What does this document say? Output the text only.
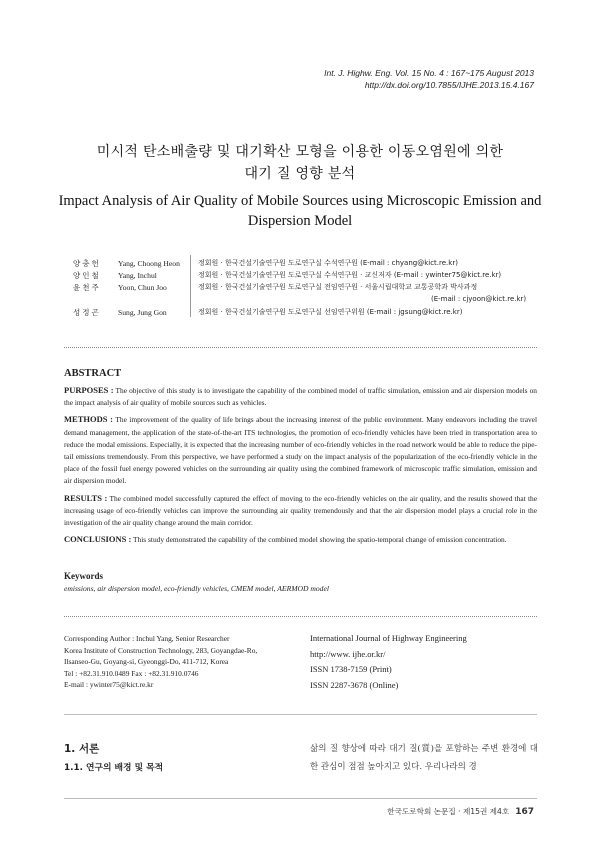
Int. J. Highw. Eng. Vol. 15 No. 4 : 167~175 August 2013
http://dx.doi.org/10.7855/IJHE.2013.15.4.167
미시적 탄소배출량 및 대기확산 모형을 이용한 이동오염원에 의한
대기 질 영향 분석
Impact Analysis of Air Quality of Mobile Sources using Microscopic Emission and
Dispersion Model
양충헌	Yang, Choong Heon	정회원 · 한국건설기술연구원 도로연구실 수석연구원 (E-mail : chyang@kict.re.kr)
양인철	Yang, Inchul	정회원 · 한국건설기술연구원 도로연구실 수석연구원 · 교신저자 (E-mail : ywinter75@kict.re.kr)
윤천주	Yoon, Chun Joo	정회원 · 한국건설기술연구원 도로연구실 전임연구원 · 서울시립대학교 교통공학과 박사과정
(E-mail : cjyoon@kict.re.kr)
성정곤	Sung, Jung Gon	정회원 · 한국건설기술연구원 도로연구실 선임연구위원 (E-mail : jgsung@kict.re.kr)
ABSTRACT

PURPOSES : The objective of this study is to investigate the capability of the combined model of traffic simulation, emission and air dispersion models on the impact analysis of air quality of mobile sources such as vehicles.

METHODS : The improvement of the quality of life brings about the increasing interest of the public environment. Many endeavors including the travel demand management, the application of the state-of-the-art ITS technologies, the promotion of eco-friendly vehicles have been tried in transportation area to reduce the modal emissions. Especially, it is expected that the increasing number of eco-friendly vehicles in the road network would be able to reduce the pipe-tail emissions tremendously. From this perspective, we have performed a study on the impact analysis of the popularization of the eco-friendly vehicle in the place of the fossil fuel energy powered vehicles on the surrounding air quality using the combined framework of microscopic traffic simulation, emission and air dispersion model.

RESULTS : The combined model successfully captured the effect of moving to the eco-friendly vehicles on the air quality, and the results showed that the increasing usage of eco-friendly vehicles can improve the surrounding air quality tremendously and that the air dispersion model plays a crucial role in the investigation of the air quality change around the main corridor.

CONCLUSIONS : This study demonstrated the capability of the combined model showing the spatio-temporal change of emission concentration.

Keywords
emissions, air dispersion model, eco-friendly vehicles, CMEM model, AERMOD model
Corresponding Author : Inchul Yang, Senior Researcher
Korea Institute of Construction Technology, 283, Goyangdae-Ro,
Ilsanseo-Gu, Goyang-si, Gyeonggi-Do, 411-712, Korea
Tel : +82.31.910.0489 Fax : +82.31.910.0746
E-mail : ywinter75@kict.re.kr
International Journal of Highway Engineering
http://www. ijhe.or.kr/
ISSN 1738-7159 (Print)
ISSN 2287-3678 (Online)
1. 서론
1.1. 연구의 배경 및 목적
삶의 질 향상에 따라 대기 질(質)을 포함하는 주변 환경에 대한 관심이 점점 높아지고 있다. 우리나라의 경
한국도로학회 논문집 · 제15권 제4호 167
